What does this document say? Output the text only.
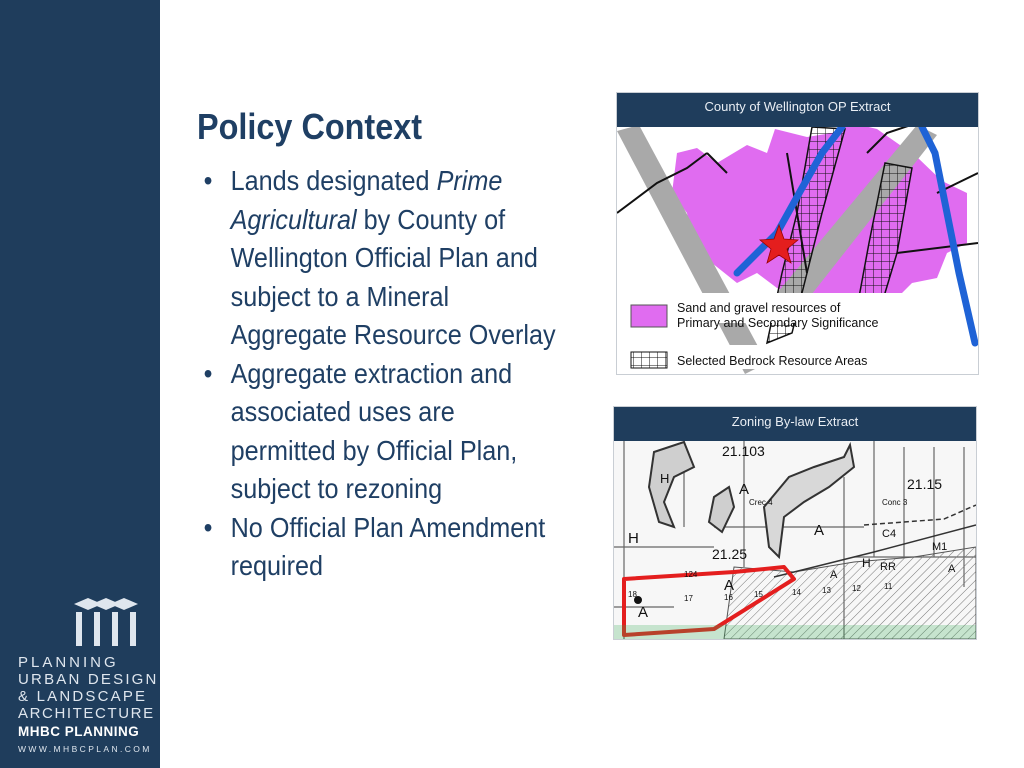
PLANNING
URBAN DESIGN
& LANDSCAPE
ARCHITECTURE
MHBC PLANNING
WWW.MHBCPLAN.COM
Policy Context
• Lands designated Prime Agricultural by County of Wellington Official Plan and subject to a Mineral Aggregate Resource Overlay
• Aggregate extraction and associated uses are permitted by Official Plan, subject to rezoning
• No Official Plan Amendment required
Sand and gravel resources of
Primary and Secondary Significance
Selected Bedrock Resource Areas
County of Wellington OP Extract
21.103
21.15
21.25
A
A
A
A
A	A
H
H
H
M1
C4
RR
Crec 4	Conc 3
18	17	16	15	14	13	12	11
124
Zoning By-law Extract
